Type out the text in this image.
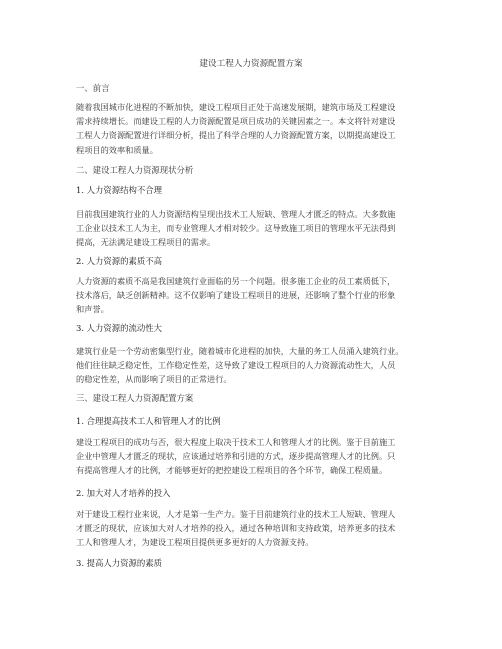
建设工程人力资源配置方案
一、前言
随着我国城市化进程的不断加快，建设工程项目正处于高速发展期，建筑市场及工程建设
需求持续增长。而建设工程的人力资源配置是项目成功的关键因素之一。本文将针对建设
工程人力资源配置进行详细分析，提出了科学合理的人力资源配置方案，以期提高建设工
程项目的效率和质量。
二、建设工程人力资源现状分析
1. 人力资源结构不合理
目前我国建筑行业的人力资源结构呈现出技术工人短缺、管理人才匮乏的特点。大多数施
工企业以技术工人为主，而专业管理人才相对较少。这导致施工项目的管理水平无法得到
提高，无法满足建设工程项目的需求。
2. 人力资源的素质不高
人力资源的素质不高是我国建筑行业面临的另一个问题。很多施工企业的员工素质低下，
技术落后，缺乏创新精神。这不仅影响了建设工程项目的进展，还影响了整个行业的形象
和声誉。
3. 人力资源的流动性大
建筑行业是一个劳动密集型行业，随着城市化进程的加快，大量的务工人员涌入建筑行业。
他们往往缺乏稳定性，工作稳定性差，这导致了建设工程项目的人力资源流动性大，人员
的稳定性差，从而影响了项目的正常进行。
三、建设工程人力资源配置方案
1. 合理提高技术工人和管理人才的比例
建设工程项目的成功与否，很大程度上取决于技术工人和管理人才的比例。鉴于目前施工
企业中管理人才匮乏的现状，应该通过培养和引进的方式，逐步提高管理人才的比例。只
有提高管理人才的比例，才能够更好的把控建设工程项目的各个环节，确保工程质量。
2. 加大对人才培养的投入
对于建设工程行业来说，人才是第一生产力。鉴于目前建筑行业的技术工人短缺、管理人
才匮乏的现状，应该加大对人才培养的投入，通过各种培训和支持政策，培养更多的技术
工人和管理人才，为建设工程项目提供更多更好的人力资源支持。
3. 提高人力资源的素质
